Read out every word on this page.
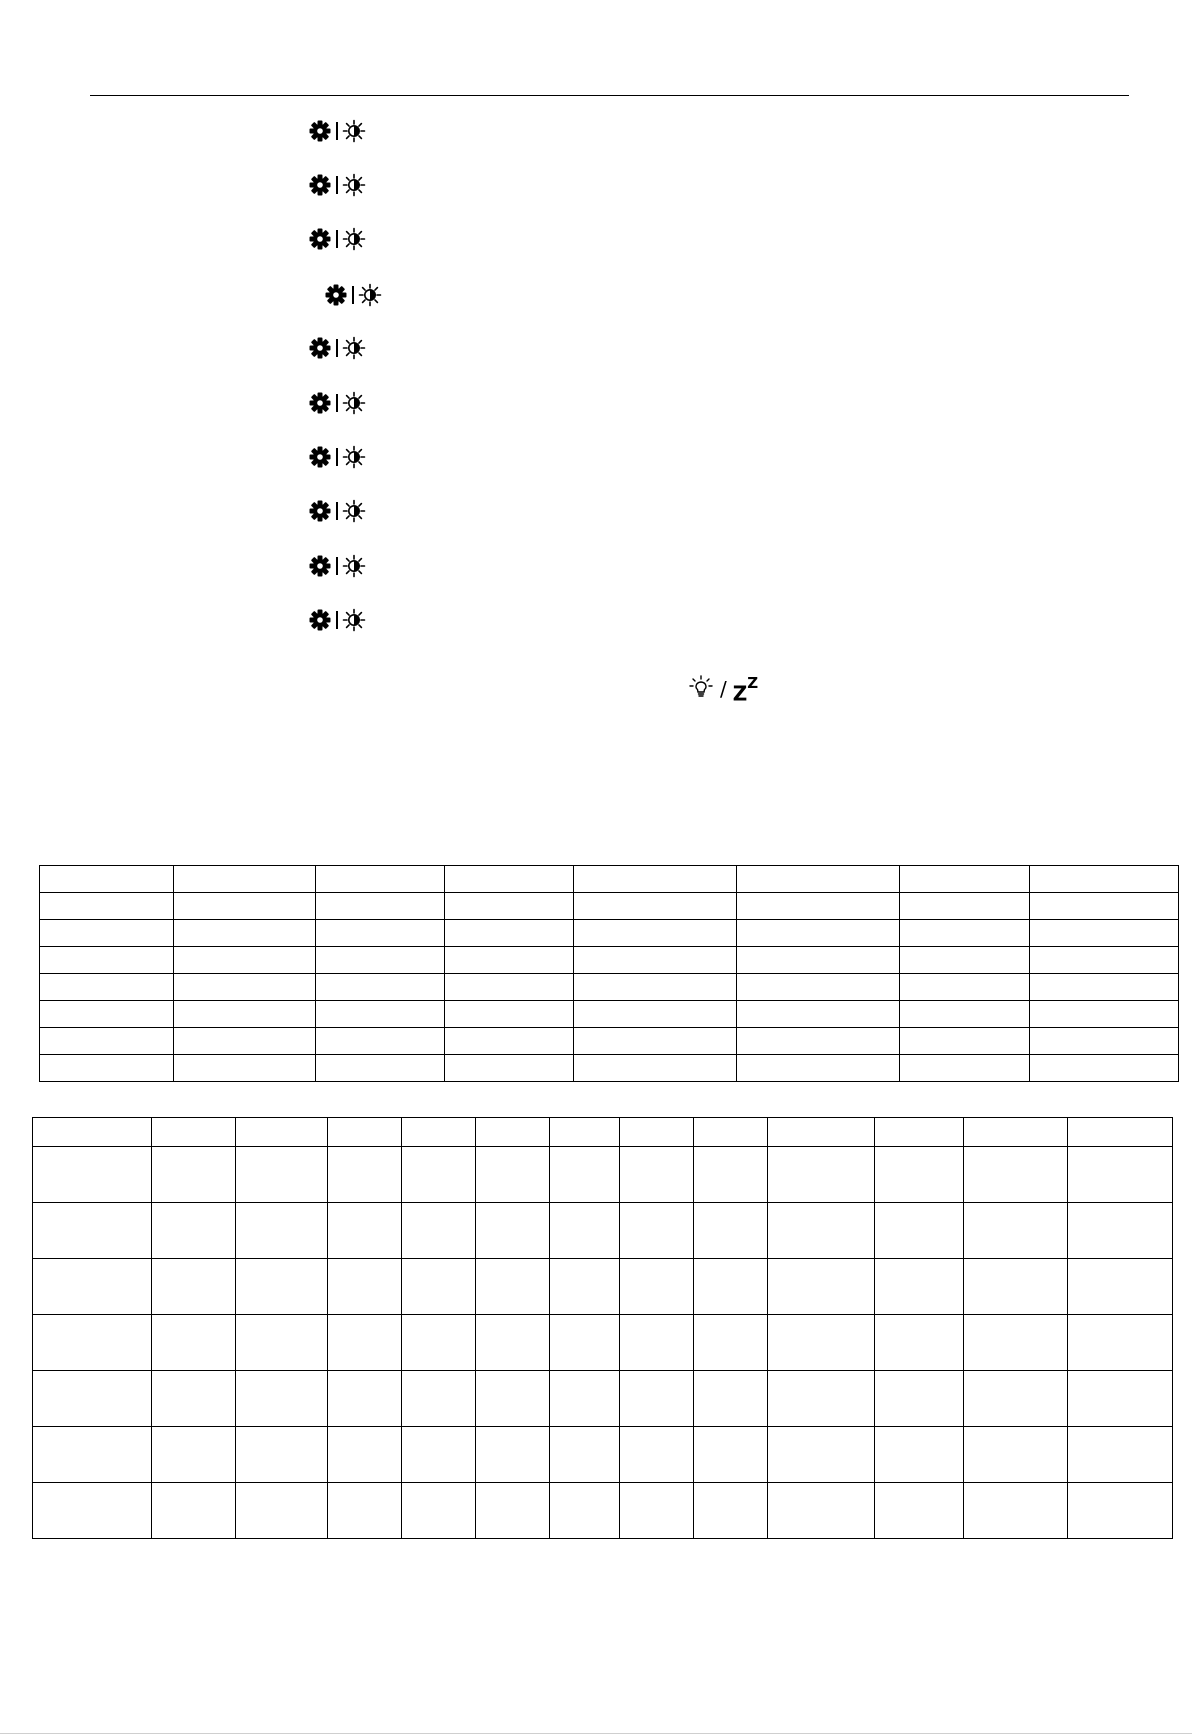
/ $Z^Z$
